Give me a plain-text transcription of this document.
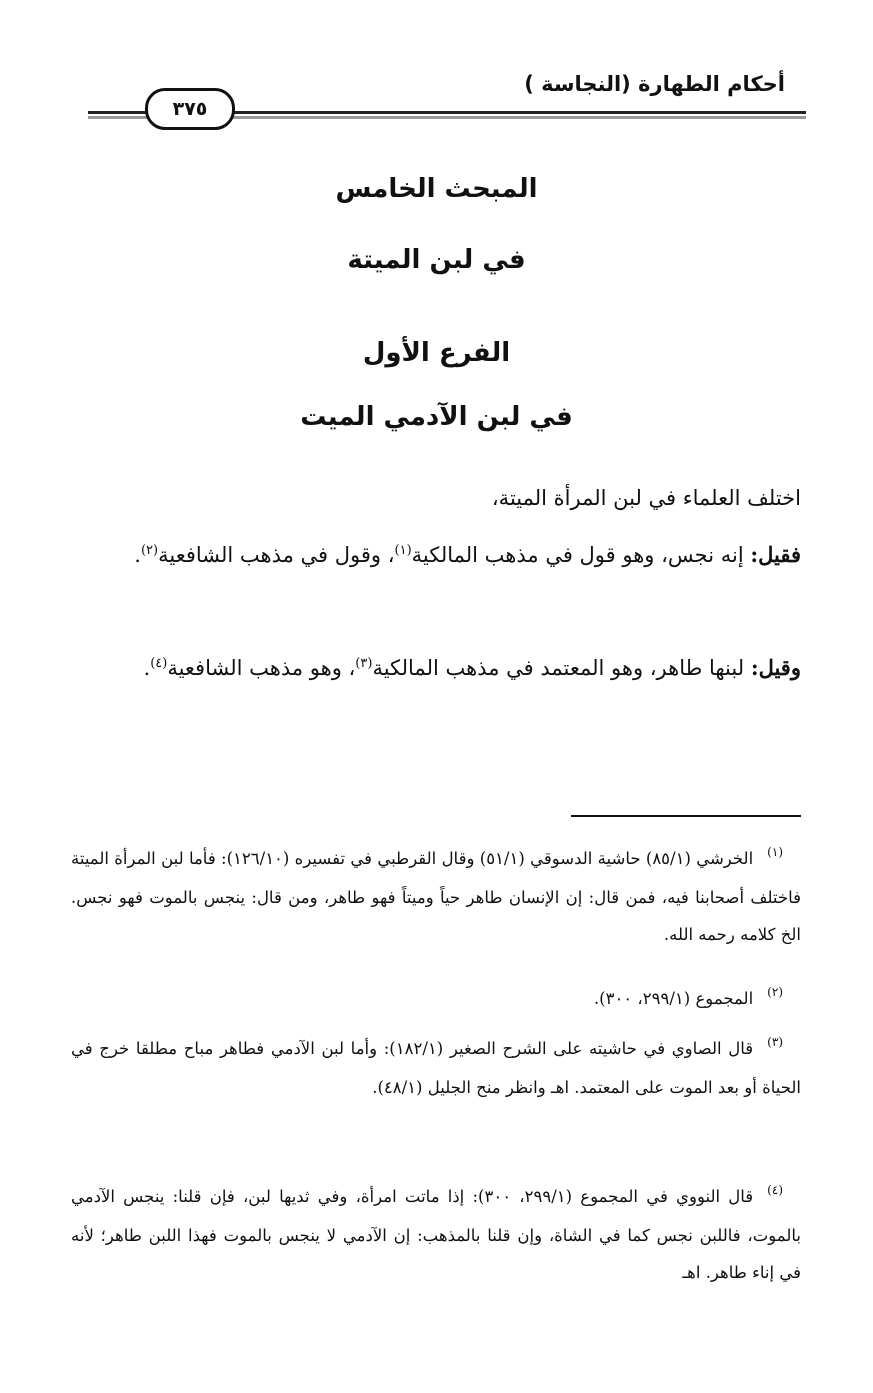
أحكام الطهارة (النجاسة )
٣٧٥
المبحث الخامس
في لبن الميتة
الفرع الأول
في لبن الآدمي الميت
اختلف العلماء في لبن المرأة الميتة،
فقيل: إنه نجس، وهو قول في مذهب المالكية$^{(١)}$، وقول في مذهب الشافعية$^{(٢)}$.
وقيل: لبنها طاهر، وهو المعتمد في مذهب المالكية$^{(٣)}$، وهو مذهب الشافعية$^{(٤)}$.
$^{(١)}$الخرشي (٨٥/١) حاشية الدسوقي (٥١/١) وقال القرطبي في تفسيره (١٢٦/١٠): فأما لبن المرأة الميتة فاختلف أصحابنا فيه، فمن قال: إن الإنسان طاهر حياً وميتاً فهو طاهر، ومن قال: ينجس بالموت فهو نجس. الخ كلامه رحمه الله.
$^{(٢)}$المجموع (٢٩٩/١، ٣٠٠).
$^{(٣)}$قال الصاوي في حاشيته على الشرح الصغير (١٨٢/١): وأما لبن الآدمي فطاهر مباح مطلقا خرج في الحياة أو بعد الموت على المعتمد. اهـ وانظر منح الجليل (٤٨/١).
$^{(٤)}$قال النووي في المجموع (٢٩٩/١، ٣٠٠): إذا ماتت امرأة، وفي ثديها لبن، فإن قلنا: ينجس الآدمي بالموت، فاللبن نجس كما في الشاة، وإن قلنا بالمذهب: إن الآدمي لا ينجس بالموت فهذا اللبن طاهر؛ لأنه في إناء طاهر. اهـ
